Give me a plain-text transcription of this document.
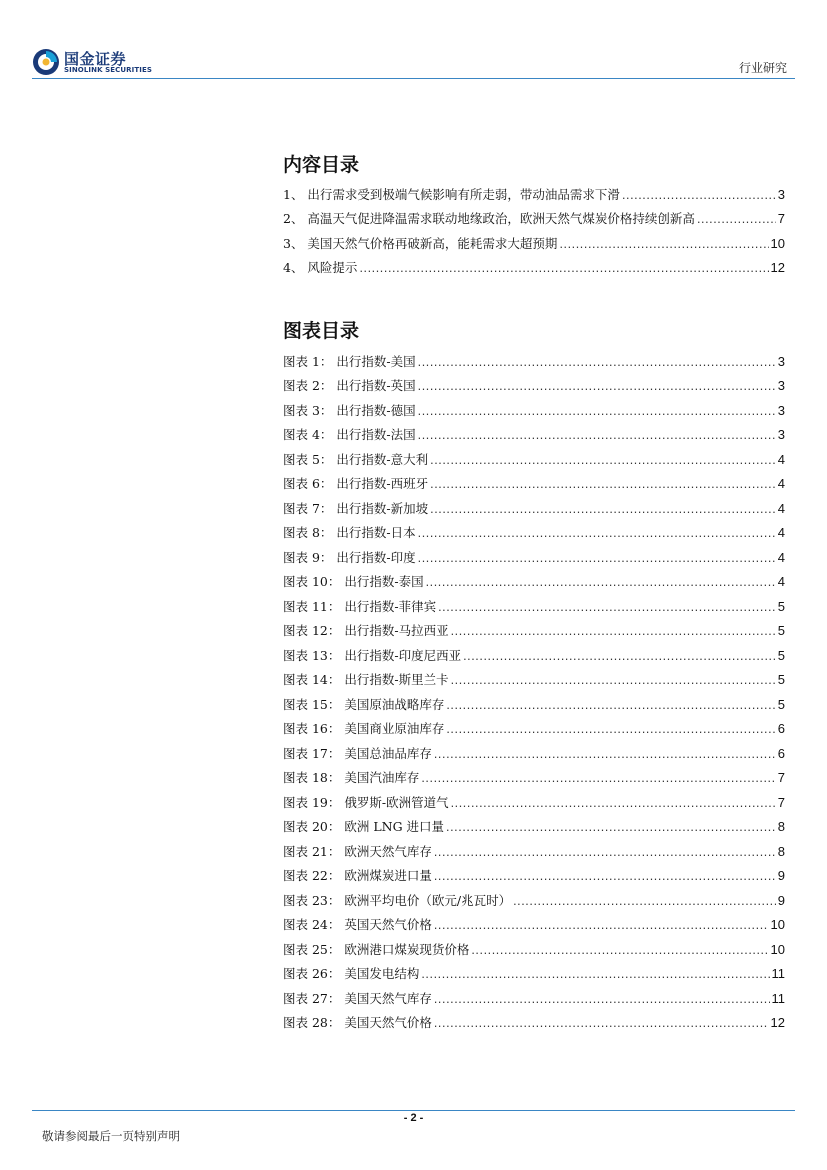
国金证券
SINOLINK SECURITIES	行业研究
内容目录
1、 出行需求受到极端气候影响有所走弱，带动油品需求下滑 .....	3
2、 高温天气促进降温需求联动地缘政治，欧洲天然气煤炭价格持续创新高 .....	7
3、 美国天然气价格再破新高，能耗需求大超预期 .....	10
4、 风险提示 .....	12
图表目录
图表 1： 出行指数-美国 .....	3
图表 2： 出行指数-英国 .....	3
图表 3： 出行指数-德国 .....	3
图表 4： 出行指数-法国 .....	3
图表 5： 出行指数-意大利 .....	4
图表 6： 出行指数-西班牙 .....	4
图表 7： 出行指数-新加坡 .....	4
图表 8： 出行指数-日本 .....	4
图表 9： 出行指数-印度 .....	4
图表 10： 出行指数-泰国 .....	4
图表 11： 出行指数-菲律宾 .....	5
图表 12： 出行指数-马拉西亚 .....	5
图表 13： 出行指数-印度尼西亚 .....	5
图表 14： 出行指数-斯里兰卡 .....	5
图表 15： 美国原油战略库存 .....	5
图表 16： 美国商业原油库存 .....	6
图表 17： 美国总油品库存 .....	6
图表 18： 美国汽油库存 .....	7
图表 19： 俄罗斯-欧洲管道气 .....	7
图表 20： 欧洲 LNG 进口量 .....	8
图表 21： 欧洲天然气库存 .....	8
图表 22： 欧洲煤炭进口量 .....	9
图表 23： 欧洲平均电价（欧元/兆瓦时） .....	9
图表 24： 英国天然气价格 .....	10
图表 25： 欧洲港口煤炭现货价格 .....	10
图表 26： 美国发电结构 .....	11
图表 27： 美国天然气库存 .....	11
图表 28： 美国天然气价格 .....	12
- 2 -
敬请参阅最后一页特别声明
